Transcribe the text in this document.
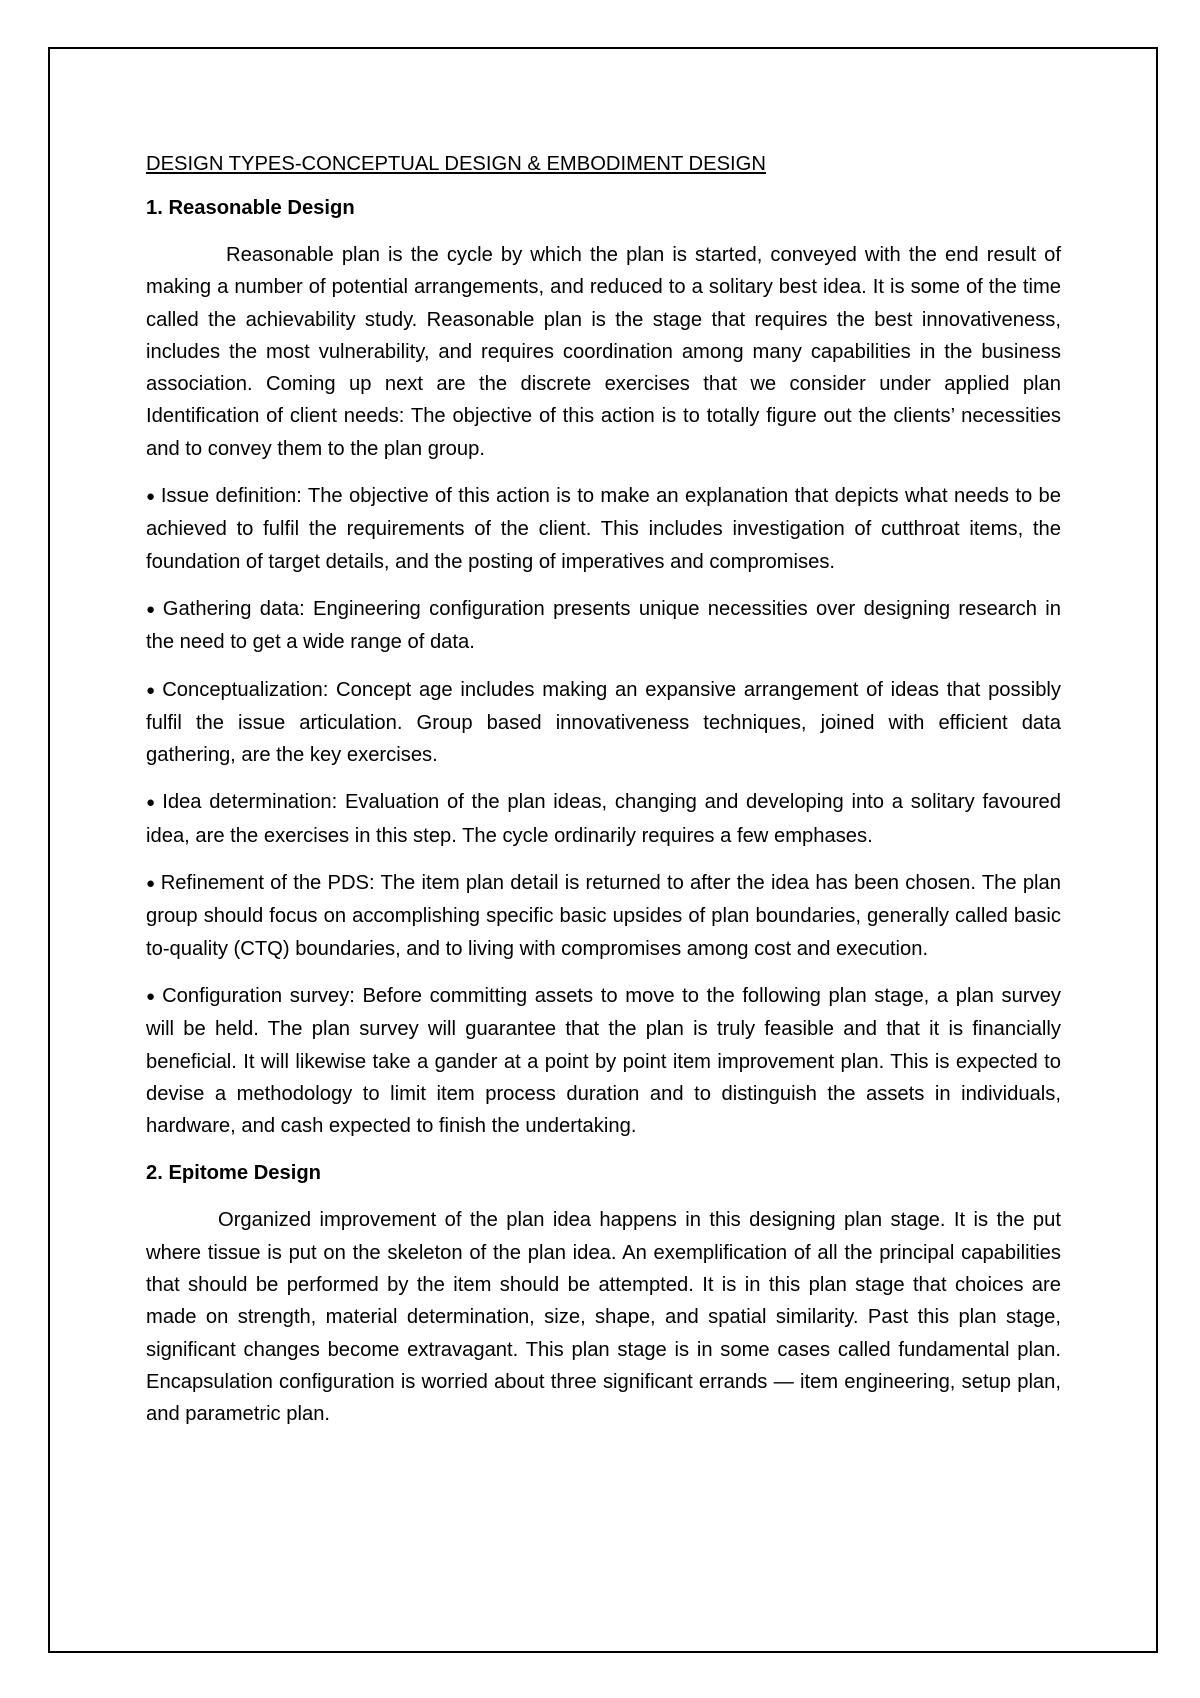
DESIGN TYPES-CONCEPTUAL DESIGN & EMBODIMENT DESIGN
1. Reasonable Design

Reasonable plan is the cycle by which the plan is started, conveyed with the end result of making a number of potential arrangements, and reduced to a solitary best idea. It is some of the time called the achievability study. Reasonable plan is the stage that requires the best innovativeness, includes the most vulnerability, and requires coordination among many capabilities in the business association. Coming up next are the discrete exercises that we consider under applied plan Identification of client needs: The objective of this action is to totally figure out the clients’ necessities and to convey them to the plan group.

● Issue definition: The objective of this action is to make an explanation that depicts what needs to be achieved to fulfil the requirements of the client. This includes investigation of cutthroat items, the foundation of target details, and the posting of imperatives and compromises.

● Gathering data: Engineering configuration presents unique necessities over designing research in the need to get a wide range of data.

● Conceptualization: Concept age includes making an expansive arrangement of ideas that possibly fulfil the issue articulation. Group based innovativeness techniques, joined with efficient data gathering, are the key exercises.

● Idea determination: Evaluation of the plan ideas, changing and developing into a solitary favoured idea, are the exercises in this step. The cycle ordinarily requires a few emphases.

● Refinement of the PDS: The item plan detail is returned to after the idea has been chosen. The plan group should focus on accomplishing specific basic upsides of plan boundaries, generally called basic to-quality (CTQ) boundaries, and to living with compromises among cost and execution.

● Configuration survey: Before committing assets to move to the following plan stage, a plan survey will be held. The plan survey will guarantee that the plan is truly feasible and that it is financially beneficial. It will likewise take a gander at a point by point item improvement plan. This is expected to devise a methodology to limit item process duration and to distinguish the assets in individuals, hardware, and cash expected to finish the undertaking.

2. Epitome Design

Organized improvement of the plan idea happens in this designing plan stage. It is the put where tissue is put on the skeleton of the plan idea. An exemplification of all the principal capabilities that should be performed by the item should be attempted. It is in this plan stage that choices are made on strength, material determination, size, shape, and spatial similarity. Past this plan stage, significant changes become extravagant. This plan stage is in some cases called fundamental plan. Encapsulation configuration is worried about three significant errands — item engineering, setup plan, and parametric plan.
